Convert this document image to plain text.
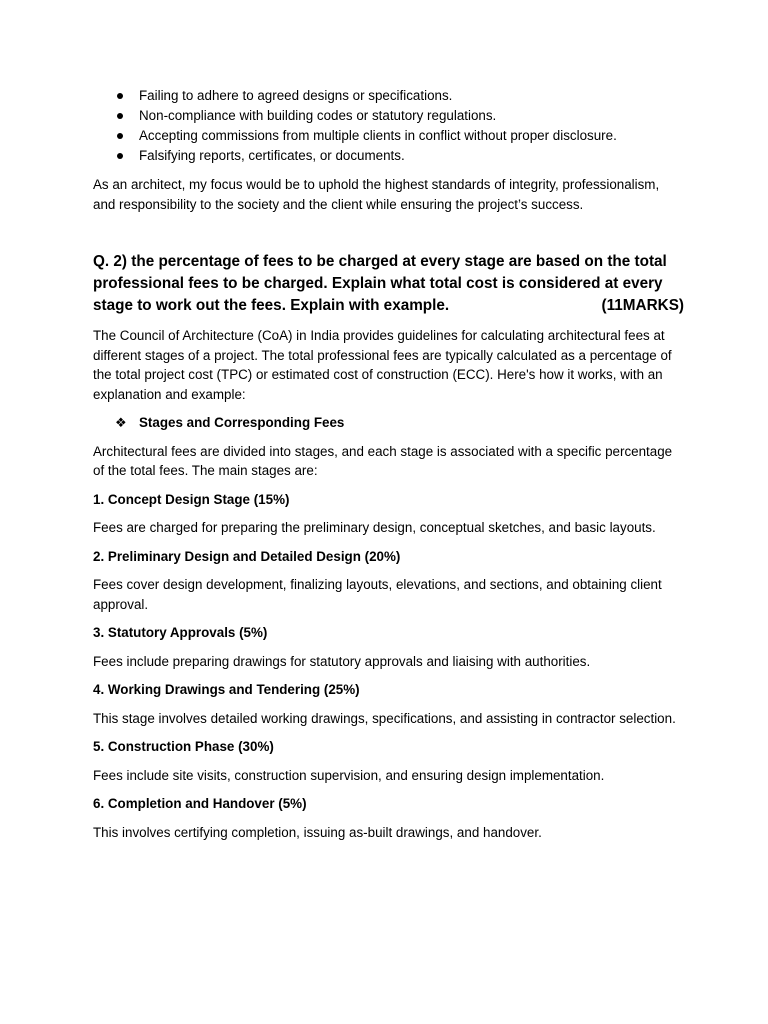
Failing to adhere to agreed designs or specifications.
Non-compliance with building codes or statutory regulations.
Accepting commissions from multiple clients in conflict without proper disclosure.
Falsifying reports, certificates, or documents.

As an architect, my focus would be to uphold the highest standards of integrity, professionalism, and responsibility to the society and the client while ensuring the project’s success.

Q. 2) the percentage of fees to be charged at every stage are based on the total professional fees to be charged. Explain what total cost is considered at every stage to work out the fees. Explain with example.	(11MARKS)

The Council of Architecture (CoA) in India provides guidelines for calculating architectural fees at different stages of a project. The total professional fees are typically calculated as a percentage of the total project cost (TPC) or estimated cost of construction (ECC). Here's how it works, with an explanation and example:

❖ Stages and Corresponding Fees

Architectural fees are divided into stages, and each stage is associated with a specific percentage of the total fees. The main stages are:

1. Concept Design Stage (15%)

Fees are charged for preparing the preliminary design, conceptual sketches, and basic layouts.

2. Preliminary Design and Detailed Design (20%)

Fees cover design development, finalizing layouts, elevations, and sections, and obtaining client approval.

3. Statutory Approvals (5%)

Fees include preparing drawings for statutory approvals and liaising with authorities.

4. Working Drawings and Tendering (25%)

This stage involves detailed working drawings, specifications, and assisting in contractor selection.

5. Construction Phase (30%)

Fees include site visits, construction supervision, and ensuring design implementation.

6. Completion and Handover (5%)

This involves certifying completion, issuing as-built drawings, and handover.
